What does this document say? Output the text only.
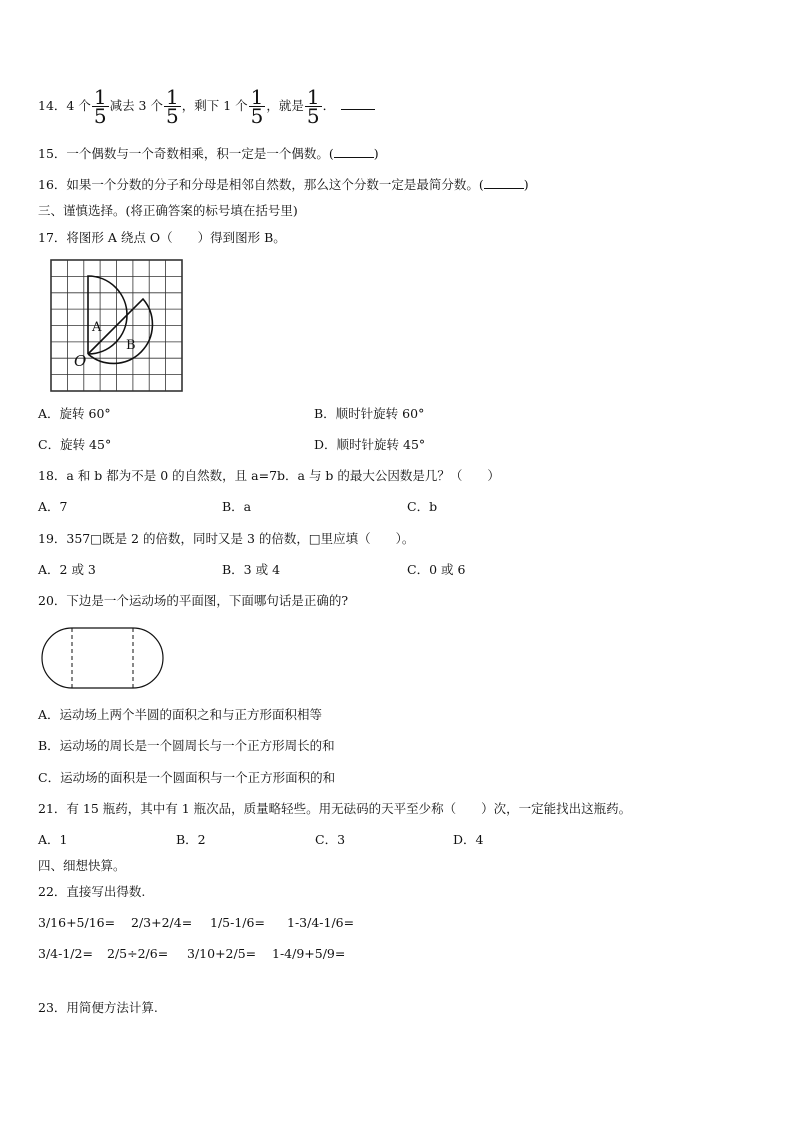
14．4 个 $\frac{1}{5}$ 减去 3 个 $\frac{1}{5}$ ，剩下 1 个 $\frac{1}{5}$ ，就是 $\frac{1}{5}$ ．
15．一个偶数与一个奇数相乘，积一定是一个偶数。(	)
16．如果一个分数的分子和分母是相邻自然数，那么这个分数一定是最简分数。(	)
三、谨慎选择。(将正确答案的标号填在括号里)
17．将图形 A 绕点 O（　　）得到图形 B。
A
B
O
A．旋转 60°	B．顺时针旋转 60°
C．旋转 45°	D．顺时针旋转 45°
18．a 和 b 都为不是 0 的自然数，且 a=7b．a 与 b 的最大公因数是几？（　　）
A．7	B．a	C．b
19．357□既是 2 的倍数，同时又是 3 的倍数，□里应填（　　）。
A．2 或 3	B．3 或 4	C．0 或 6
20．下边是一个运动场的平面图，下面哪句话是正确的?
A．运动场上两个半圆的面积之和与正方形面积相等
B．运动场的周长是一个圆周长与一个正方形周长的和
C．运动场的面积是一个圆面积与一个正方形面积的和
21．有 15 瓶药，其中有 1 瓶次品，质量略轻些。用无砝码的天平至少称（　　）次，一定能找出这瓶药。
A．1	B．2	C．3	D．4
四、细想快算。
22．直接写出得数.
3/16+5/16= 2/3+2/4= 1/5-1/6= 1-3/4-1/6=
3/4-1/2= 2/5÷2/6= 3/10+2/5= 1-4/9+5/9=
23．用简便方法计算.
